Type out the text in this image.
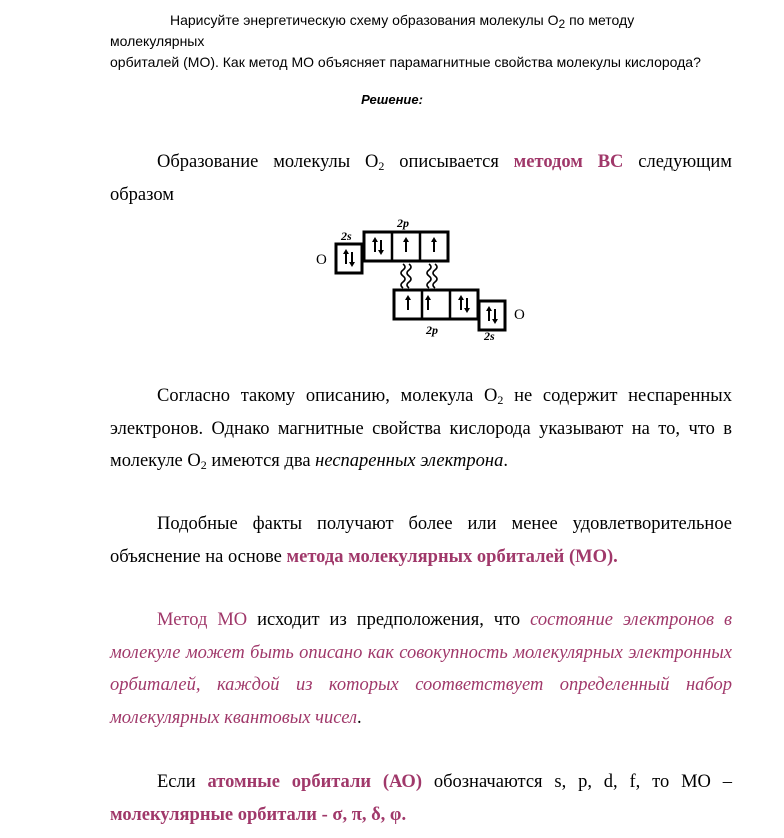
Нарисуйте энергетическую схему образования молекулы $O_2$ по методу молекулярных
орбиталей (МО). Как метод МО объясняет парамагнитные свойства молекулы кислорода?
Решение:
Образование молекулы $O_2$ описывается методом ВС следующим образом
O
2s
2p
2p	2s
O
Согласно такому описанию, молекула $O_2$ не содержит неспаренных электронов. Однако магнитные свойства кислорода указывают на то, что в молекуле $O_2$ имеются два неспаренных электрона.
Подобные факты получают более или менее удовлетворительное объяснение на основе метода молекулярных орбиталей (МО).
Метод МО исходит из предположения, что состояние электронов в молекуле может быть описано как совокупность молекулярных электронных орбиталей, каждой из которых соответствует определенный набор молекулярных квантовых чисел.
Если атомные орбитали (АО) обозначаются s, p, d, f, то МО – молекулярные орбитали - σ, π, δ, φ.
